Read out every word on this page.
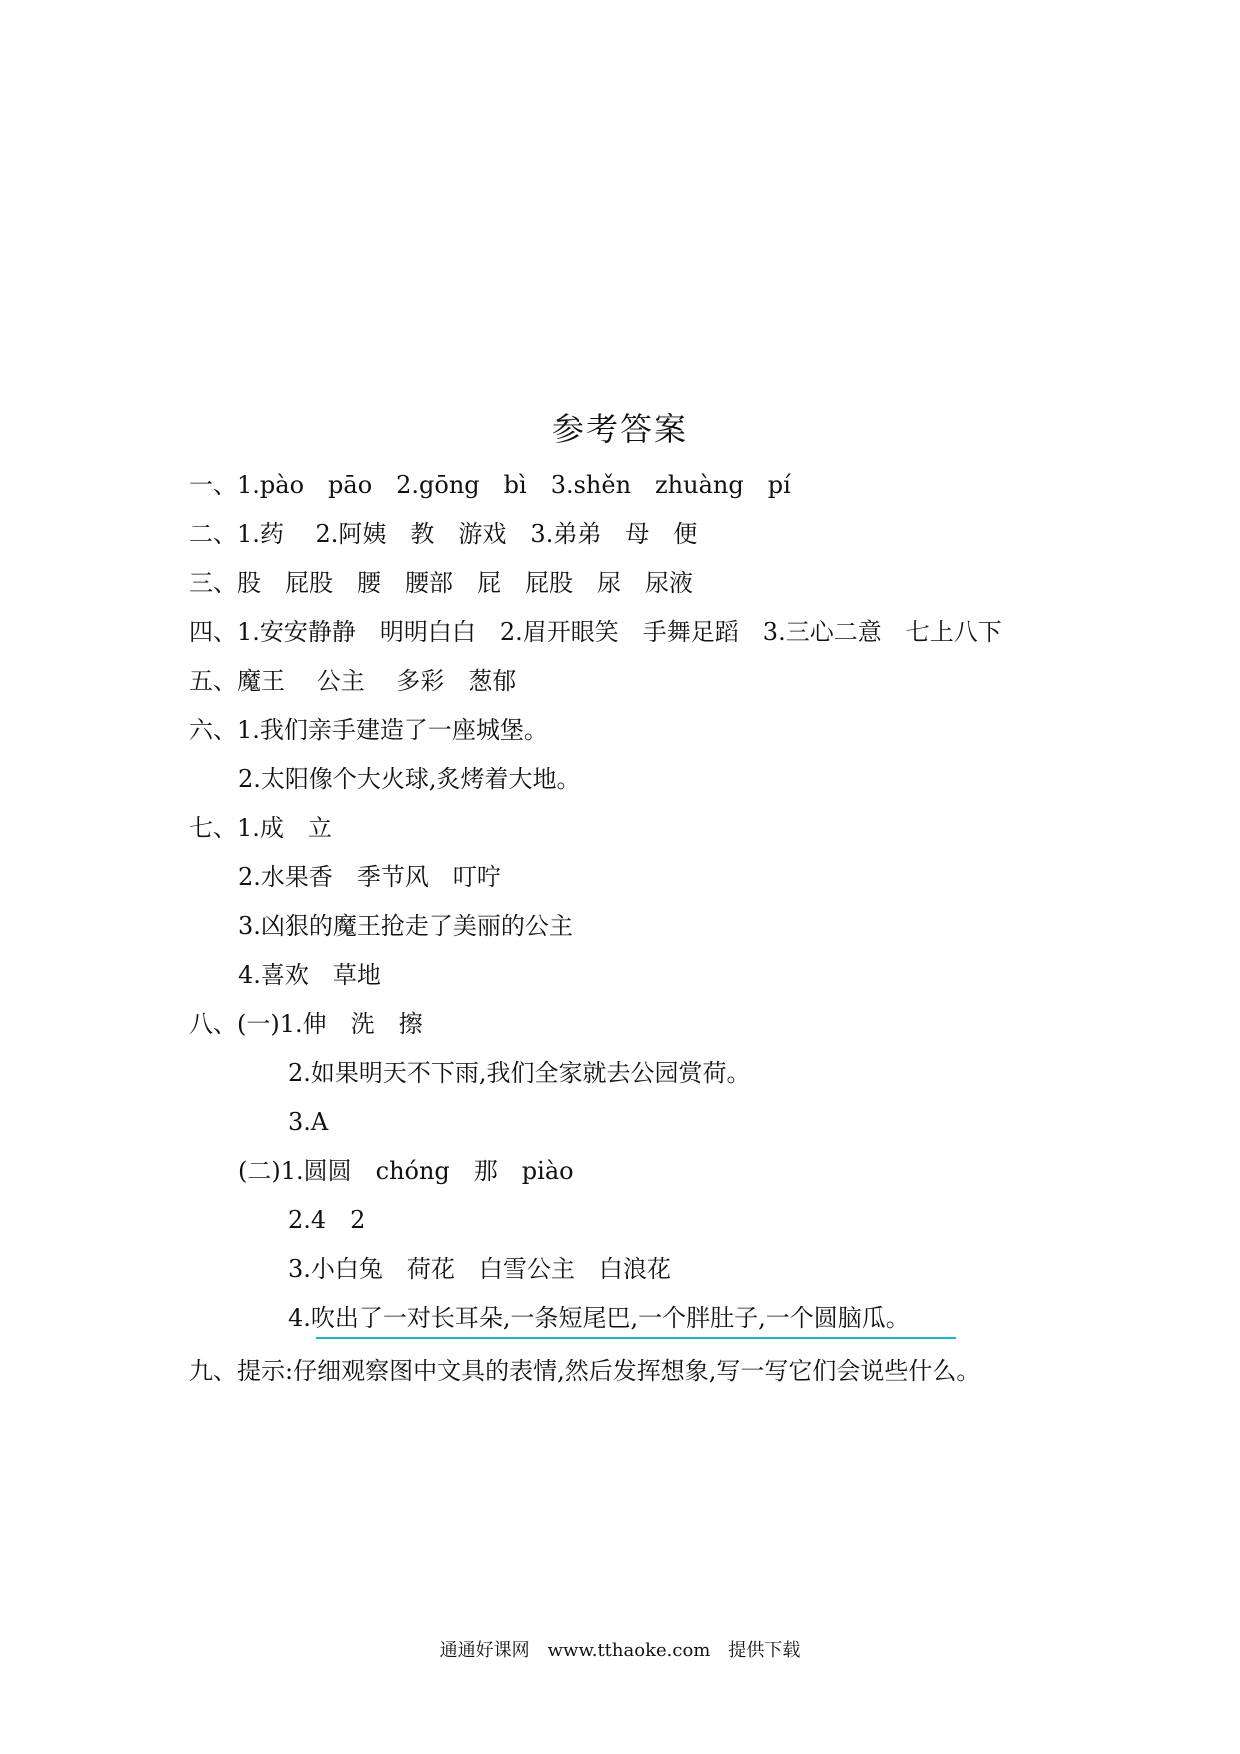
参考答案
一、1.pào　pāo　2.gōng　bì　3.shěn　zhuàng　pí
二、1.药　 2.阿姨　教　游戏　3.弟弟　母　便
三、股　屁股　腰　腰部　屁　屁股　尿　尿液
四、1.安安静静　明明白白　2.眉开眼笑　手舞足蹈　3.三心二意　七上八下
五、魔王　 公主　 多彩　葱郁
六、1.我们亲手建造了一座城堡。
2.太阳像个大火球,炙烤着大地。
七、1.成　立
2.水果香　季节风　叮咛
3.凶狠的魔王抢走了美丽的公主
4.喜欢　草地
八、(一)1.伸　洗　擦
2.如果明天不下雨,我们全家就去公园赏荷。
3.A
(二)1.圆圆　chóng　那　piào
2.4　2
3.小白兔　荷花　白雪公主　白浪花
4.吹出了一对长耳朵,一条短尾巴,一个胖肚子,一个圆脑瓜。
九、提示:仔细观察图中文具的表情,然后发挥想象,写一写它们会说些什么。
通通好课网　www.tthaoke.com　提供下载
